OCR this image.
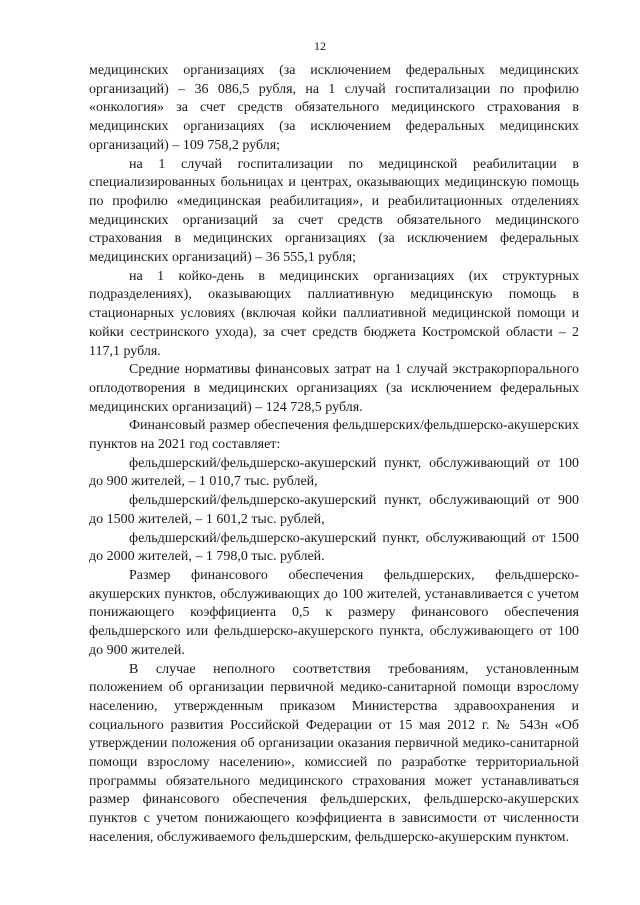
12

медицинских организациях (за исключением федеральных медицинских организаций) – 36 086,5 рубля, на 1 случай госпитализации по профилю «онкология» за счет средств обязательного медицинского страхования в медицинских организациях (за исключением федеральных медицинских организаций) – 109 758,2 рубля;

на 1 случай госпитализации по медицинской реабилитации в специализированных больницах и центрах, оказывающих медицинскую помощь по профилю «медицинская реабилитация», и реабилитационных отделениях медицинских организаций за счет средств обязательного медицинского страхования в медицинских организациях (за исключением федеральных медицинских организаций) – 36 555,1 рубля;

на 1 койко-день в медицинских организациях (их структурных подразделениях), оказывающих паллиативную медицинскую помощь в стационарных условиях (включая койки паллиативной медицинской помощи и койки сестринского ухода), за счет средств бюджета Костромской области – 2 117,1 рубля.

Средние нормативы финансовых затрат на 1 случай экстракорпорального оплодотворения в медицинских организациях (за исключением федеральных медицинских организаций) – 124 728,5 рубля.

Финансовый размер обеспечения фельдшерских/фельдшерско-акушерских пунктов на 2021 год составляет:

фельдшерский/фельдшерско-акушерский пункт, обслуживающий от 100 до 900 жителей, – 1 010,7 тыс. рублей,

фельдшерский/фельдшерско-акушерский пункт, обслуживающий от 900 до 1500 жителей, – 1 601,2 тыс. рублей,

фельдшерский/фельдшерско-акушерский пункт, обслуживающий от 1500 до 2000 жителей, – 1 798,0 тыс. рублей.

Размер финансового обеспечения фельдшерских, фельдшерско-акушерских пунктов, обслуживающих до 100 жителей, устанавливается с учетом понижающего коэффициента 0,5 к размеру финансового обеспечения фельдшерского или фельдшерско-акушерского пункта, обслуживающего от 100 до 900 жителей.

В случае неполного соответствия требованиям, установленным положением об организации первичной медико-санитарной помощи взрослому населению, утвержденным приказом Министерства здравоохранения и социального развития Российской Федерации от 15 мая 2012 г. № 543н «Об утверждении положения об организации оказания первичной медико-санитарной помощи взрослому населению», комиссией по разработке территориальной программы обязательного медицинского страхования может устанавливаться размер финансового обеспечения фельдшерских, фельдшерско-акушерских пунктов с учетом понижающего коэффициента в зависимости от численности населения, обслуживаемого фельдшерским, фельдшерско-акушерским пунктом.
